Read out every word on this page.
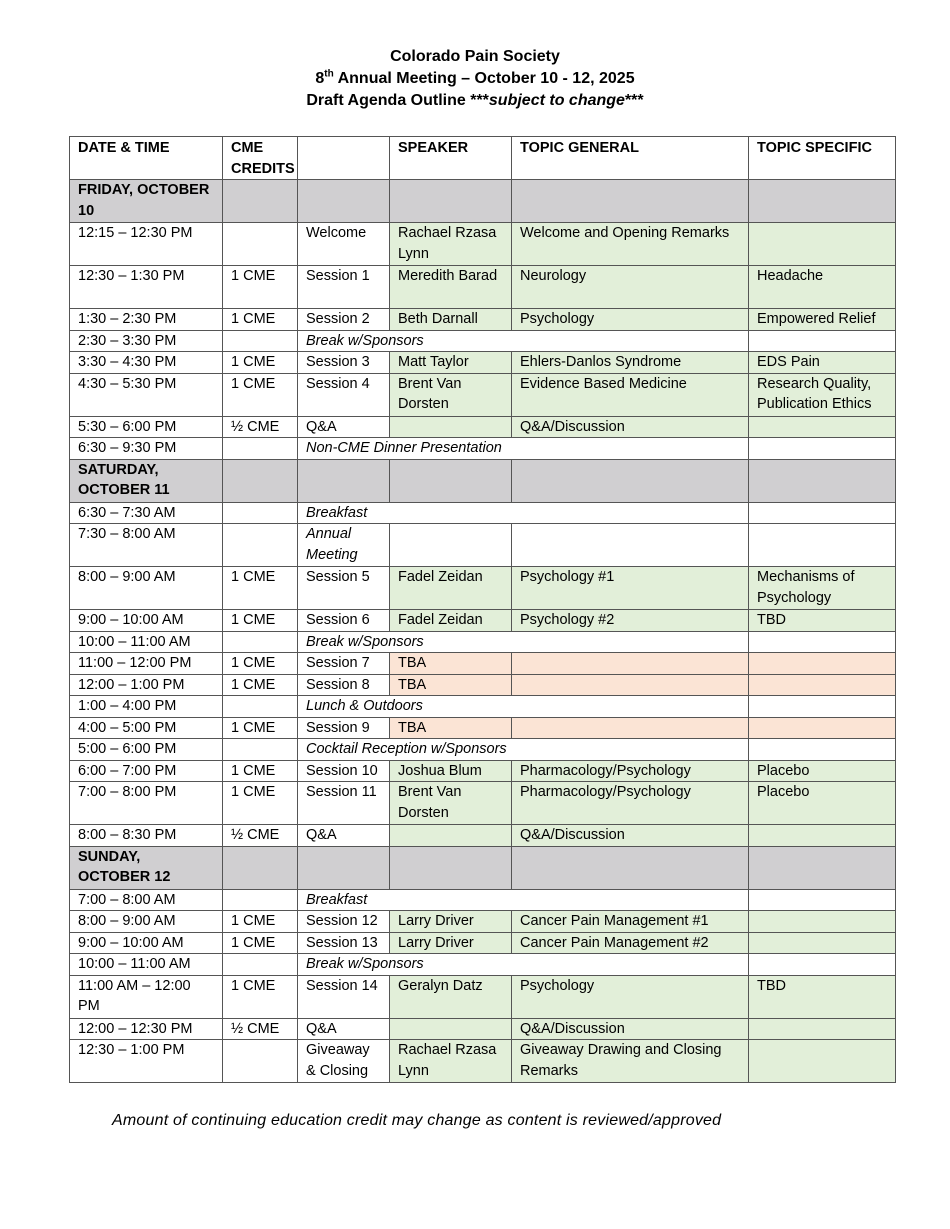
Colorado Pain Society
8th Annual Meeting – October 10 - 12, 2025
Draft Agenda Outline ***subject to change***
DATE & TIME	CME CREDITS		SPEAKER	TOPIC GENERAL	TOPIC SPECIFIC
FRIDAY, OCTOBER 10					
12:15 – 12:30 PM		Welcome	Rachael Rzasa Lynn	Welcome and Opening Remarks	
12:30 – 1:30 PM	1 CME	Session 1	Meredith Barad	Neurology	Headache
1:30 – 2:30 PM	1 CME	Session 2	Beth Darnall	Psychology	Empowered Relief
2:30 – 3:30 PM		Break w/Sponsors			
3:30 – 4:30 PM	1 CME	Session 3	Matt Taylor	Ehlers-Danlos Syndrome	EDS Pain
4:30 – 5:30 PM	1 CME	Session 4	Brent Van Dorsten	Evidence Based Medicine	Research Quality, Publication Ethics
5:30 – 6:00 PM	½ CME	Q&A		Q&A/Discussion	
6:30 – 9:30 PM		Non-CME Dinner Presentation			
SATURDAY, OCTOBER 11					
6:30 – 7:30 AM		Breakfast			
7:30 – 8:00 AM		Annual Meeting			
8:00 – 9:00 AM	1 CME	Session 5	Fadel Zeidan	Psychology #1	Mechanisms of Psychology
9:00 – 10:00 AM	1 CME	Session 6	Fadel Zeidan	Psychology #2	TBD
10:00 – 11:00 AM		Break w/Sponsors			
11:00 – 12:00 PM	1 CME	Session 7	TBA		
12:00 – 1:00 PM	1 CME	Session 8	TBA		
1:00 – 4:00 PM		Lunch & Outdoors			
4:00 – 5:00 PM	1 CME	Session 9	TBA		
5:00 – 6:00 PM		Cocktail Reception w/Sponsors			
6:00 – 7:00 PM	1 CME	Session 10	Joshua Blum	Pharmacology/Psychology	Placebo
7:00 – 8:00 PM	1 CME	Session 11	Brent Van Dorsten	Pharmacology/Psychology	Placebo
8:00 – 8:30 PM	½ CME	Q&A		Q&A/Discussion	
SUNDAY, OCTOBER 12					
7:00 – 8:00 AM		Breakfast			
8:00 – 9:00 AM	1 CME	Session 12	Larry Driver	Cancer Pain Management #1	
9:00 – 10:00 AM	1 CME	Session 13	Larry Driver	Cancer Pain Management #2	
10:00 – 11:00 AM		Break w/Sponsors			
11:00 AM – 12:00 PM	1 CME	Session 14	Geralyn Datz	Psychology	TBD
12:00 – 12:30 PM	½ CME	Q&A		Q&A/Discussion	
12:30 – 1:00 PM		Giveaway & Closing	Rachael Rzasa Lynn	Giveaway Drawing and Closing Remarks	
Amount of continuing education credit may change as content is reviewed/approved
